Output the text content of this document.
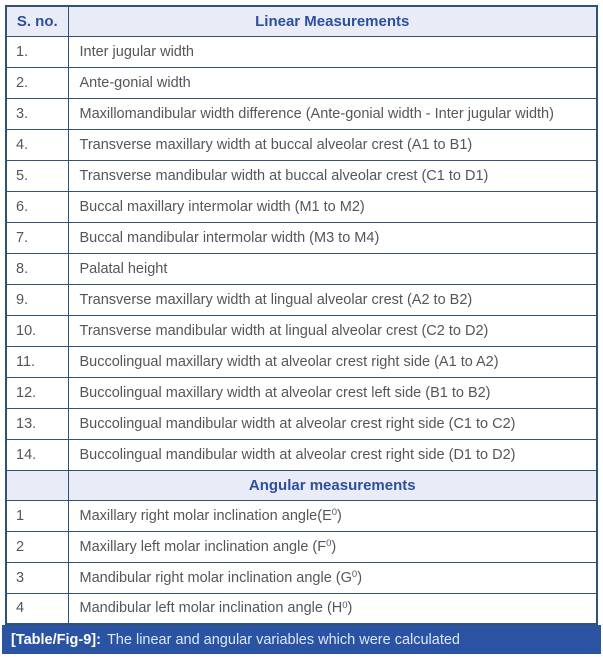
S. no.	Linear Measurements
1.	Inter jugular width
2.	Ante-gonial width
3.	Maxillomandibular width difference (Ante-gonial width - Inter jugular width)
4.	Transverse maxillary width at buccal alveolar crest (A1 to B1)
5.	Transverse mandibular width at buccal alveolar crest (C1 to D1)
6.	Buccal maxillary intermolar width (M1 to M2)
7.	Buccal mandibular intermolar width (M3 to M4)
8.	Palatal height
9.	Transverse maxillary width at lingual alveolar crest (A2 to B2)
10.	Transverse mandibular width at lingual alveolar crest (C2 to D2)
11.	Buccolingual maxillary width at alveolar crest right side (A1 to A2)
12.	Buccolingual maxillary width at alveolar crest left side (B1 to B2)
13.	Buccolingual mandibular width at alveolar crest right side (C1 to C2)
14.	Buccolingual mandibular width at alveolar crest right side (D1 to D2)
	Angular measurements
1	Maxillary right molar inclination $angle(E^0)$
2	Maxillary left molar inclination angle $(F^0)$
3	Mandibular right molar inclination angle $(G^0)$
4	Mandibular left molar inclination angle $(H^0)$
[Table/Fig-9]: The linear and angular variables which were calculated
